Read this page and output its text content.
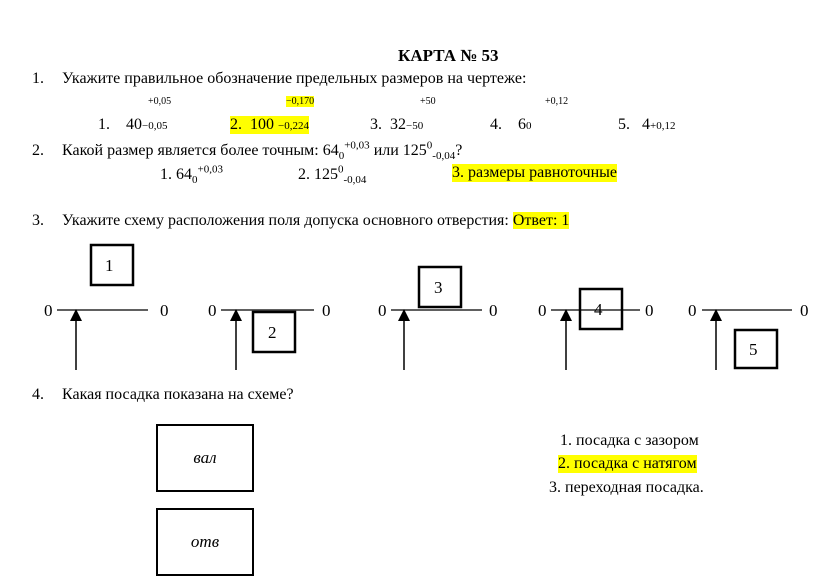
КАРТА № 53
1. Укажите правильное обозначение предельных размеров на чертеже:
+0,05	−0,170	+50	+0,12
1. 40−0,05	2. 100 −0,224	3. 32−50	4. 60	5. 4+0,12
2. Какой размер является более точным: $64_0^{+0,03}$ или $125^0_{-0,04}$?
1. $64_0^{+0,03}$	2. $125^0_{-0,04}$	3. размеры равноточные
3. Укажите схему расположения поля допуска основного отверстия: Ответ: 1
0	0
1
0	0
2
0	0
3
0	0
4	0	0
5
4. Какая посадка показана на схеме?
вал
отв
1. посадка с зазором
2. посадка с натягом
3. переходная посадка.
